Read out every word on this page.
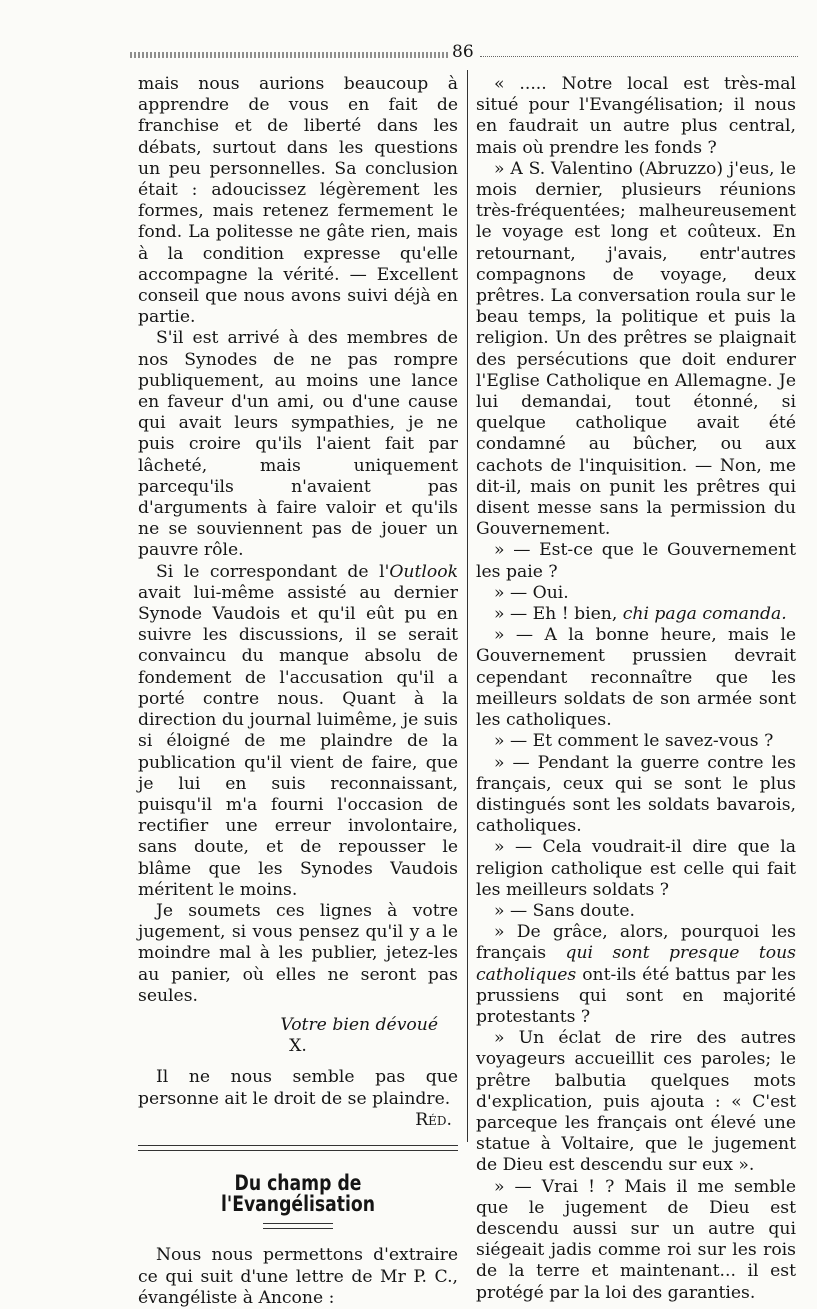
86

mais nous aurions beaucoup à apprendre de vous en fait de franchise et de liberté dans les débats, surtout dans les questions un peu personnelles. Sa conclusion était : adoucissez légèrement les formes, mais retenez fermement le fond. La politesse ne gâte rien, mais à la condition expresse qu'elle accompagne la vérité. — Excellent conseil que nous avons suivi déjà en partie.

S'il est arrivé à des membres de nos Synodes de ne pas rompre publiquement, au moins une lance en faveur d'un ami, ou d'une cause qui avait leurs sympathies, je ne puis croire qu'ils l'aient fait par lâcheté, mais uniquement parcequ'ils n'avaient pas d'arguments à faire valoir et qu'ils ne se souviennent pas de jouer un pauvre rôle.

Si le correspondant de l'Outlook avait lui-même assisté au dernier Synode Vaudois et qu'il eût pu en suivre les discussions, il se serait convaincu du manque absolu de fondement de l'accusation qu'il a porté contre nous. Quant à la direction du journal luimême, je suis si éloigné de me plaindre de la publication qu'il vient de faire, que je lui en suis reconnaissant, puisqu'il m'a fourni l'occasion de rectifier une erreur involontaire, sans doute, et de repousser le blâme que les Synodes Vaudois méritent le moins.

Je soumets ces lignes à votre jugement, si vous pensez qu'il y a le moindre mal à les publier, jetez-les au panier, où elles ne seront pas seules.

Votre bien dévoué

X.

Il ne nous semble pas que personne ait le droit de se plaindre.

Réd.

Du champ de l'Evangélisation

Nous nous permettons d'extraire ce qui suit d'une lettre de Mr P. C., évangéliste à Ancone :

« ..... Notre local est très-mal situé pour l'Evangélisation; il nous en faudrait un autre plus central, mais où prendre les fonds ?

» A S. Valentino (Abruzzo) j'eus, le mois dernier, plusieurs réunions très-fréquentées; malheureusement le voyage est long et coûteux. En retournant, j'avais, entr'autres compagnons de voyage, deux prêtres. La conversation roula sur le beau temps, la politique et puis la religion. Un des prêtres se plaignait des persécutions que doit endurer l'Eglise Catholique en Allemagne. Je lui demandai, tout étonné, si quelque catholique avait été condamné au bûcher, ou aux cachots de l'inquisition. — Non, me dit-il, mais on punit les prêtres qui disent messe sans la permission du Gouvernement.

» — Est-ce que le Gouvernement les paie ?

» — Oui.

» — Eh ! bien, chi paga comanda.

» — A la bonne heure, mais le Gouvernement prussien devrait cependant reconnaître que les meilleurs soldats de son armée sont les catholiques.

» — Et comment le savez-vous ?

» — Pendant la guerre contre les français, ceux qui se sont le plus distingués sont les soldats bavarois, catholiques.

» — Cela voudrait-il dire que la religion catholique est celle qui fait les meilleurs soldats ?

» — Sans doute.

» De grâce, alors, pourquoi les français qui sont presque tous catholiques ont-ils été battus par les prussiens qui sont en majorité protestants ?

» Un éclat de rire des autres voyageurs accueillit ces paroles; le prêtre balbutia quelques mots d'explication, puis ajouta : « C'est parceque les français ont élevé une statue à Voltaire, que le jugement de Dieu est descendu sur eux ».

» — Vrai ! ? Mais il me semble que le jugement de Dieu est descendu aussi sur un autre qui siégeait jadis comme roi sur les rois de la terre et maintenant... il est protégé par la loi des garanties.
